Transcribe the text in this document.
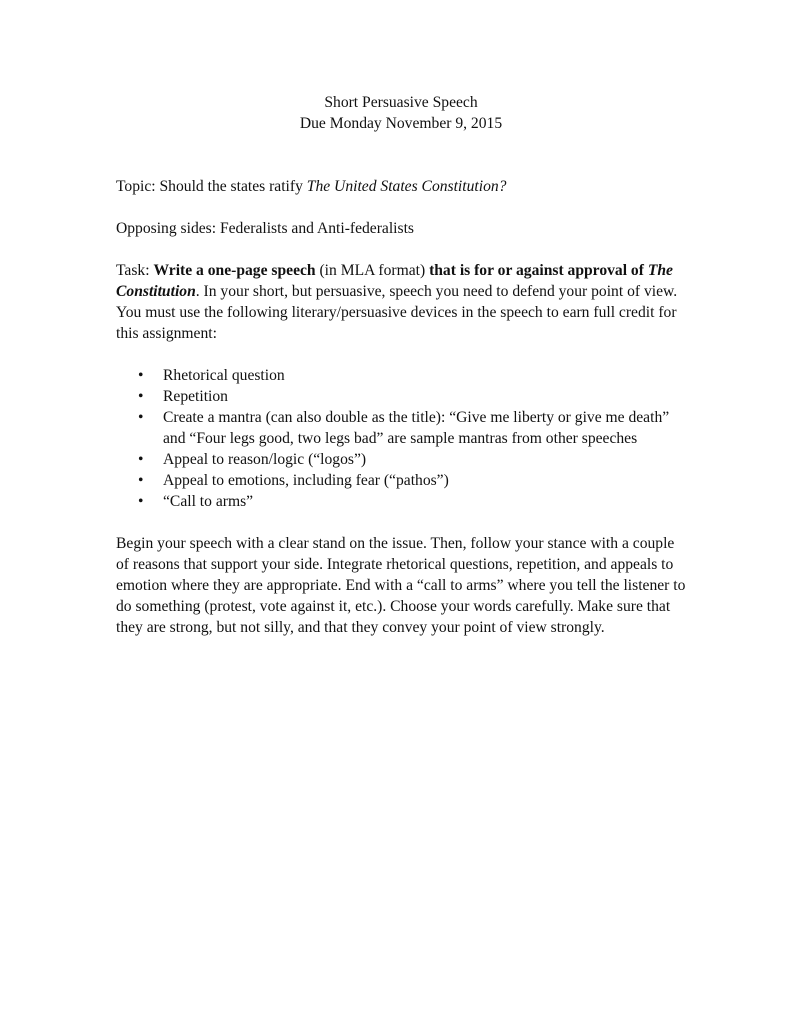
Short Persuasive Speech
Due Monday November 9, 2015
Topic: Should the states ratify The United States Constitution?
Opposing sides: Federalists and Anti-federalists
Task: Write a one-page speech (in MLA format) that is for or against approval of The Constitution. In your short, but persuasive, speech you need to defend your point of view. You must use the following literary/persuasive devices in the speech to earn full credit for this assignment:
• Rhetorical question
• Repetition
• Create a mantra (can also double as the title): “Give me liberty or give me death” and “Four legs good, two legs bad” are sample mantras from other speeches
• Appeal to reason/logic (“logos”)
• Appeal to emotions, including fear (“pathos”)
• “Call to arms”
Begin your speech with a clear stand on the issue. Then, follow your stance with a couple of reasons that support your side. Integrate rhetorical questions, repetition, and appeals to emotion where they are appropriate. End with a “call to arms” where you tell the listener to do something (protest, vote against it, etc.). Choose your words carefully. Make sure that they are strong, but not silly, and that they convey your point of view strongly.
